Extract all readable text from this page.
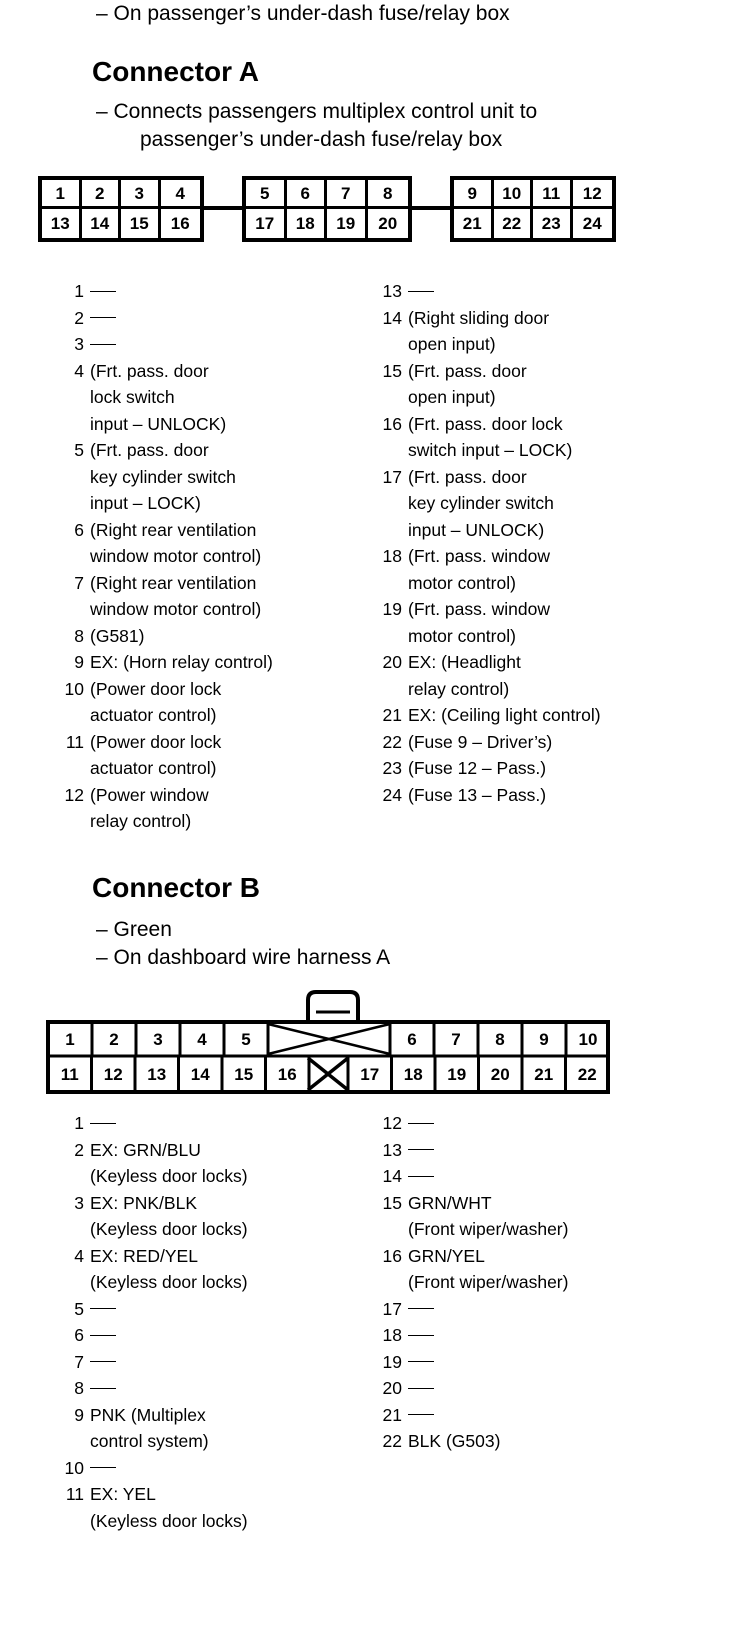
– On passenger’s under-dash fuse/relay box
Connector A
– Connects passengers multiplex control unit to
passenger’s under-dash fuse/relay box
1	2	3	4
13	14	15	16
5	6	7	8
17	18	19	20
9	10	11	12
21	22	23	24
1
2
3
4 (Frt. pass. door
lock switch
input – UNLOCK)
5 (Frt. pass. door
key cylinder switch
input – LOCK)
6 (Right rear ventilation
window motor control)
7 (Right rear ventilation
window motor control)
8 (G581)
9 EX: (Horn relay control)
10 (Power door lock
actuator control)
11 (Power door lock
actuator control)
12 (Power window
relay control)
13
14 (Right sliding door
open input)
15 (Frt. pass. door
open input)
16 (Frt. pass. door lock
switch input – LOCK)
17 (Frt. pass. door
key cylinder switch
input – UNLOCK)
18 (Frt. pass. window
motor control)
19 (Frt. pass. window
motor control)
20 EX: (Headlight
relay control)
21 EX: (Ceiling light control)
22 (Fuse 9 – Driver’s)
23 (Fuse 12 – Pass.)
24 (Fuse 13 – Pass.)
Connector B
– Green
– On dashboard wire harness A
1 2 3 4 5	6 7 8 9 10
11 12 13 14 15 16	17 18 19 20 21 22
1
2 EX: GRN/BLU
(Keyless door locks)
3 EX: PNK/BLK
(Keyless door locks)
4 EX: RED/YEL
(Keyless door locks)
5
6
7
8
9 PNK (Multiplex
control system)
10
11 EX: YEL
(Keyless door locks)
12
13
14
15 GRN/WHT
(Front wiper/washer)
16 GRN/YEL
(Front wiper/washer)
17
18
19
20
21
22 BLK (G503)
